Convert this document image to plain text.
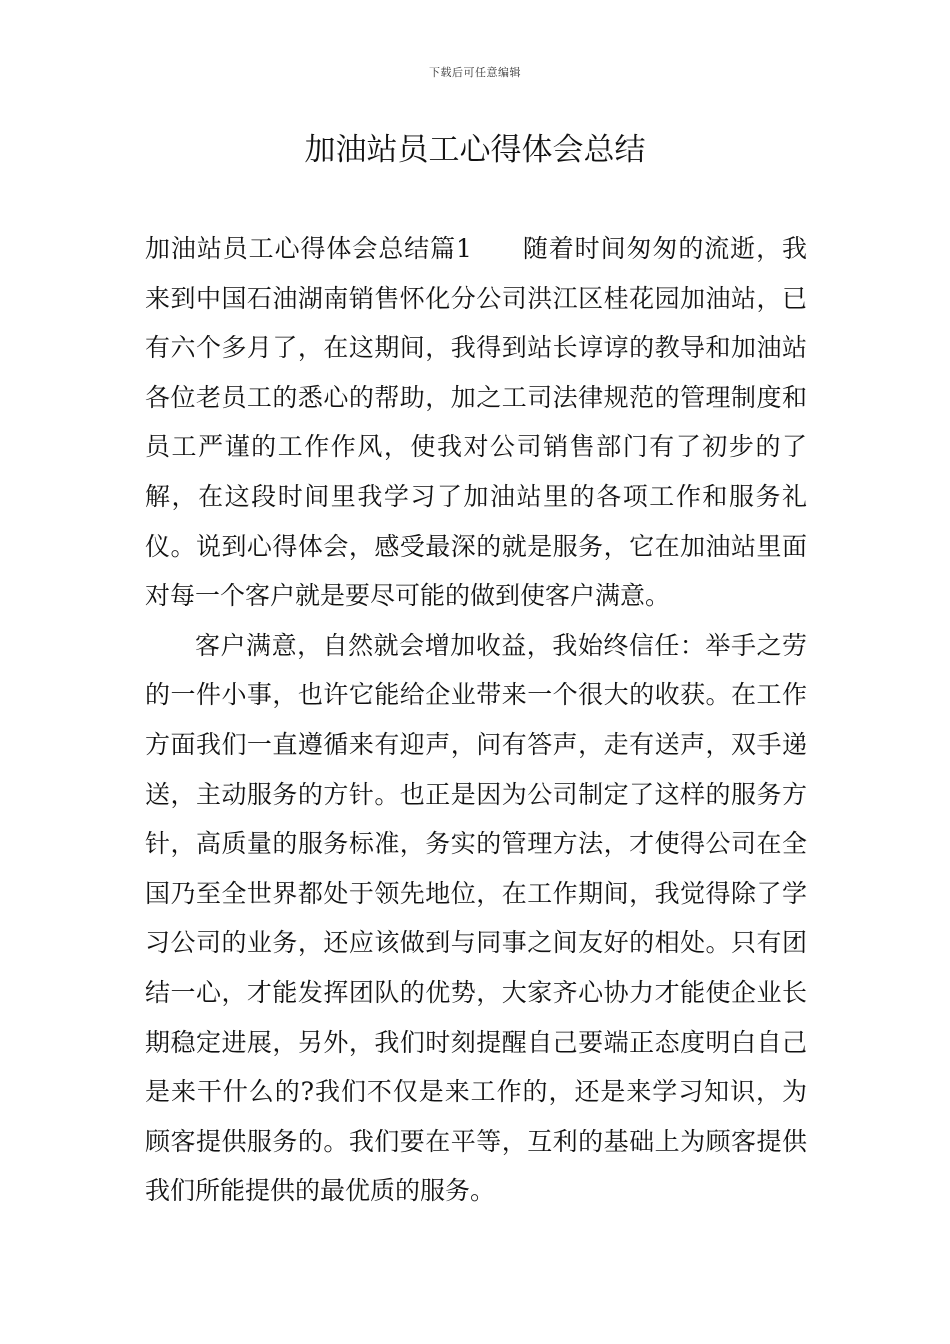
下载后可任意编辑
加油站员工心得体会总结

加油站员工心得体会总结篇1 随着时间匆匆的流逝，我来到中国石油湖南销售怀化分公司洪江区桂花园加油站，已有六个多月了，在这期间，我得到站长谆谆的教导和加油站各位老员工的悉心的帮助，加之工司法律规范的管理制度和员工严谨的工作作风，使我对公司销售部门有了初步的了解，在这段时间里我学习了加油站里的各项工作和服务礼仪。说到心得体会，感受最深的就是服务，它在加油站里面对每一个客户就是要尽可能的做到使客户满意。

客户满意，自然就会增加收益，我始终信任：举手之劳的一件小事，也许它能给企业带来一个很大的收获。在工作方面我们一直遵循来有迎声，问有答声，走有送声，双手递送，主动服务的方针。也正是因为公司制定了这样的服务方针，高质量的服务标准，务实的管理方法，才使得公司在全国乃至全世界都处于领先地位，在工作期间，我觉得除了学习公司的业务，还应该做到与同事之间友好的相处。只有团结一心，才能发挥团队的优势，大家齐心协力才能使企业长期稳定进展，另外，我们时刻提醒自己要端正态度明白自己是来干什么的?我们不仅是来工作的，还是来学习知识，为顾客提供服务的。我们要在平等，互利的基础上为顾客提供我们所能提供的最优质的服务。
